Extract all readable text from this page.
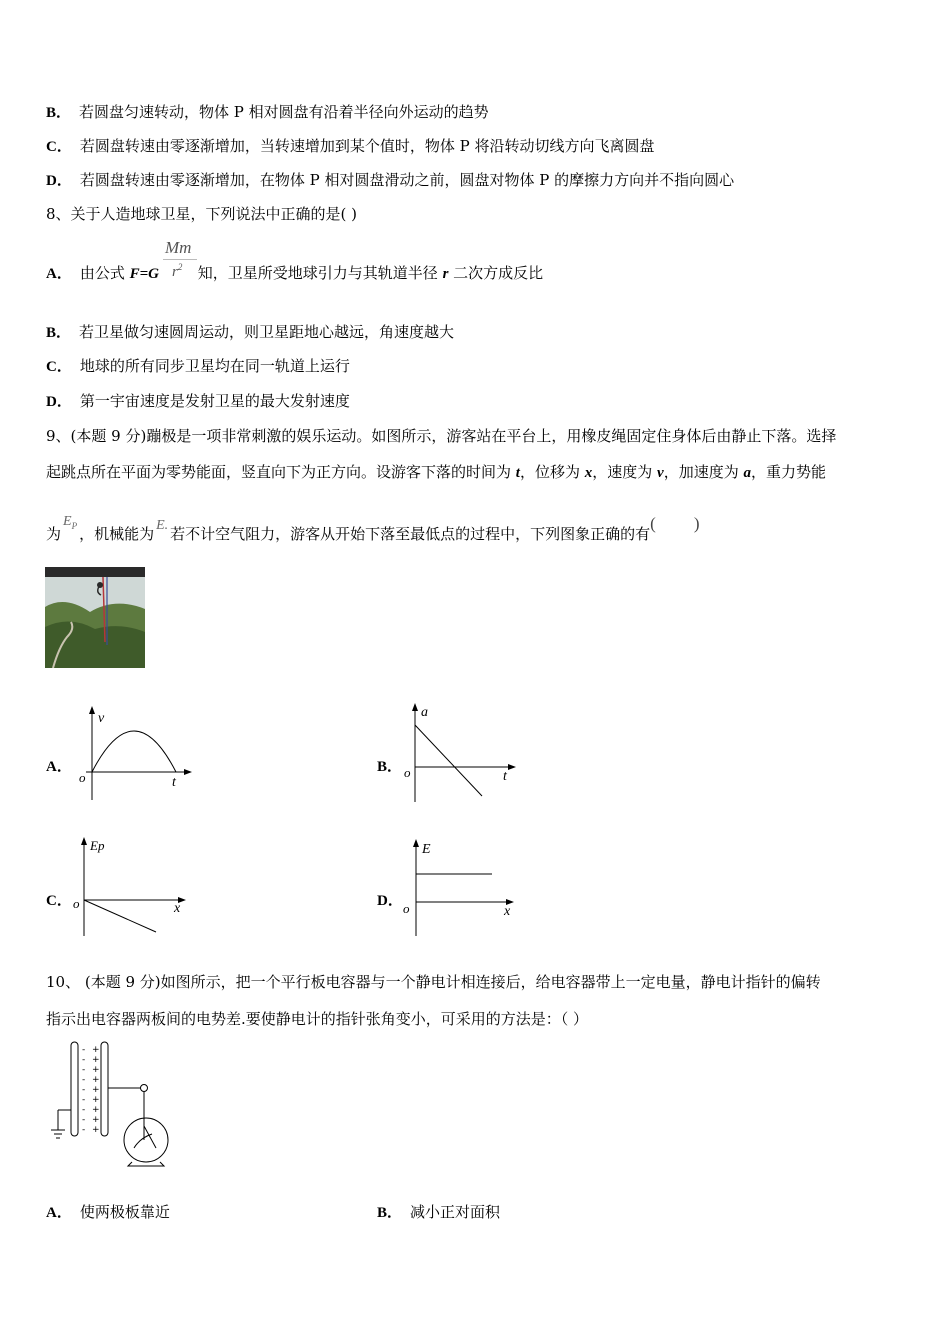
B． 若圆盘匀速转动，物体 P 相对圆盘有沿着半径向外运动的趋势
C． 若圆盘转速由零逐渐增加，当转速增加到某个值时，物体 P 将沿转动切线方向飞离圆盘
D． 若圆盘转速由零逐渐增加，在物体 P 相对圆盘滑动之前，圆盘对物体 P 的摩擦力方向并不指向圆心
8、关于人造地球卫星，下列说法中正确的是( )
Mm
$r^2$
A． 由公式 F=G 知，卫星所受地球引力与其轨道半径 r 二次方成反比
B． 若卫星做匀速圆周运动，则卫星距地心越远，角速度越大
C． 地球的所有同步卫星均在同一轨道上运行
D． 第一宇宙速度是发射卫星的最大发射速度
9、(本题 9 分)蹦极是一项非常刺激的娱乐运动。如图所示，游客站在平台上，用橡皮绳固定住身体后由静止下落。选择
起跳点所在平面为零势能面，竖直向下为正方向。设游客下落的时间为 t，位移为 x，速度为 v，加速度为 a，重力势能
为$E_P$ ，机械能为 E. 若不计空气阻力，游客从开始下落至最低点的过程中，下列图象正确的有( )
A．
v
t
o
B．
a
t
o
C．
Ep
x
o	D．
E
x
o
10、 (本题 9 分)如图所示，把一个平行板电容器与一个静电计相连接后，给电容器带上一定电量，静电计指针的偏转
指示出电容器两板间的电势差.要使静电计的指针张角变小，可采用的方法是：（ ）
-
-
-
-
-
-
-
-
-
+
+
+
+
+
+
+
+
+
A． 使两极板靠近	B． 减小正对面积
